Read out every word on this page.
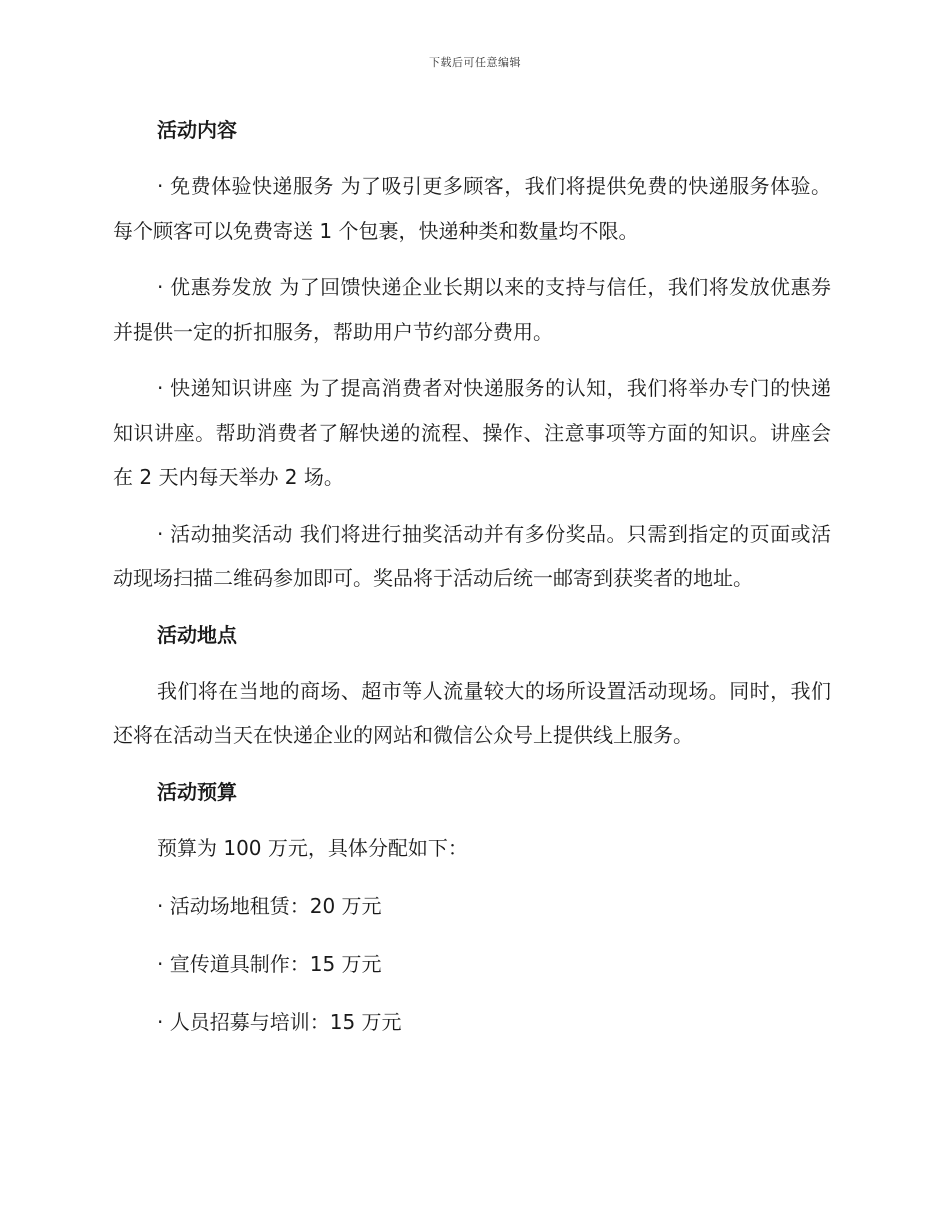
下载后可任意编辑
活动内容

· 免费体验快递服务 为了吸引更多顾客，我们将提供免费的快递服务体验。每个顾客可以免费寄送 1 个包裹，快递种类和数量均不限。

· 优惠券发放 为了回馈快递企业长期以来的支持与信任，我们将发放优惠券并提供一定的折扣服务，帮助用户节约部分费用。

· 快递知识讲座 为了提高消费者对快递服务的认知，我们将举办专门的快递知识讲座。帮助消费者了解快递的流程、操作、注意事项等方面的知识。讲座会在 2 天内每天举办 2 场。

· 活动抽奖活动 我们将进行抽奖活动并有多份奖品。只需到指定的页面或活动现场扫描二维码参加即可。奖品将于活动后统一邮寄到获奖者的地址。

活动地点

我们将在当地的商场、超市等人流量较大的场所设置活动现场。同时，我们还将在活动当天在快递企业的网站和微信公众号上提供线上服务。

活动预算

预算为 100 万元，具体分配如下：

· 活动场地租赁：20 万元

· 宣传道具制作：15 万元

· 人员招募与培训：15 万元
